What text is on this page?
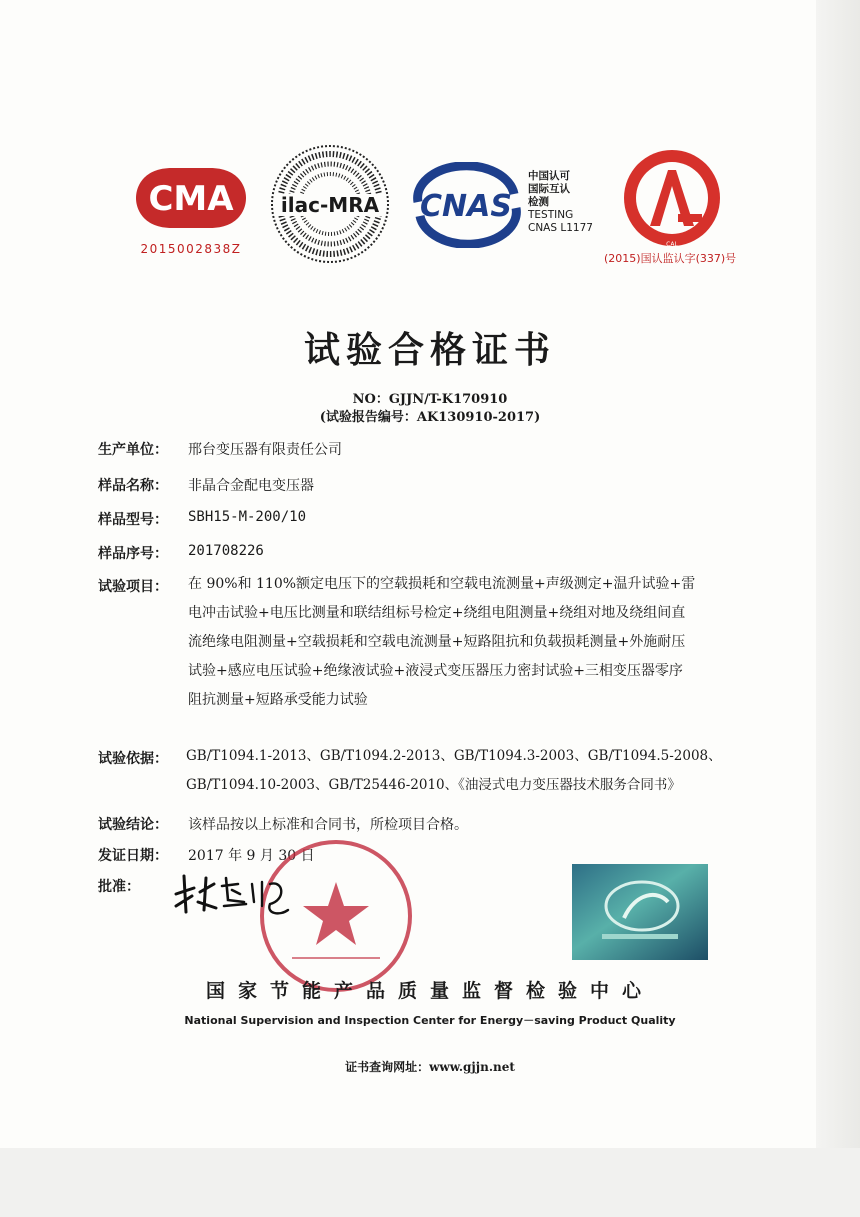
CMA
2015002838Z
ilac-MRA CNAS
中国认可
国际互认
检测
TESTING
CNAS L1177
CAL
(2015)国认监认字(337)号
试验合格证书
NO：GJJN/T-K170910
(试验报告编号：AK130910-2017)
生产单位： 邢台变压器有限责任公司
样品名称： 非晶合金配电变压器
样品型号： SBH15-M-200/10
样品序号： 201708226
试验项目： 在 90%和 110%额定电压下的空载损耗和空载电流测量+声级测定+温升试验+雷
电冲击试验+电压比测量和联结组标号检定+绕组电阻测量+绕组对地及绕组间直
流绝缘电阻测量+空载损耗和空载电流测量+短路阻抗和负载损耗测量+外施耐压
试验+感应电压试验+绝缘液试验+液浸式变压器压力密封试验+三相变压器零序
阻抗测量+短路承受能力试验
试验依据： GB/T1094.1-2013、GB/T1094.2-2013、GB/T1094.3-2003、GB/T1094.5-2008、
GB/T1094.10-2003、GB/T25446-2010、《油浸式电力变压器技术服务合同书》
试验结论： 该样品按以上标准和合同书，所检项目合格。
发证日期： 2017 年 9 月 30 日
批准：
国家节能产品质量监督检验中心
National Supervision and Inspection Center for Energy－saving Product Quality
证书查询网址：www.gjjn.net
